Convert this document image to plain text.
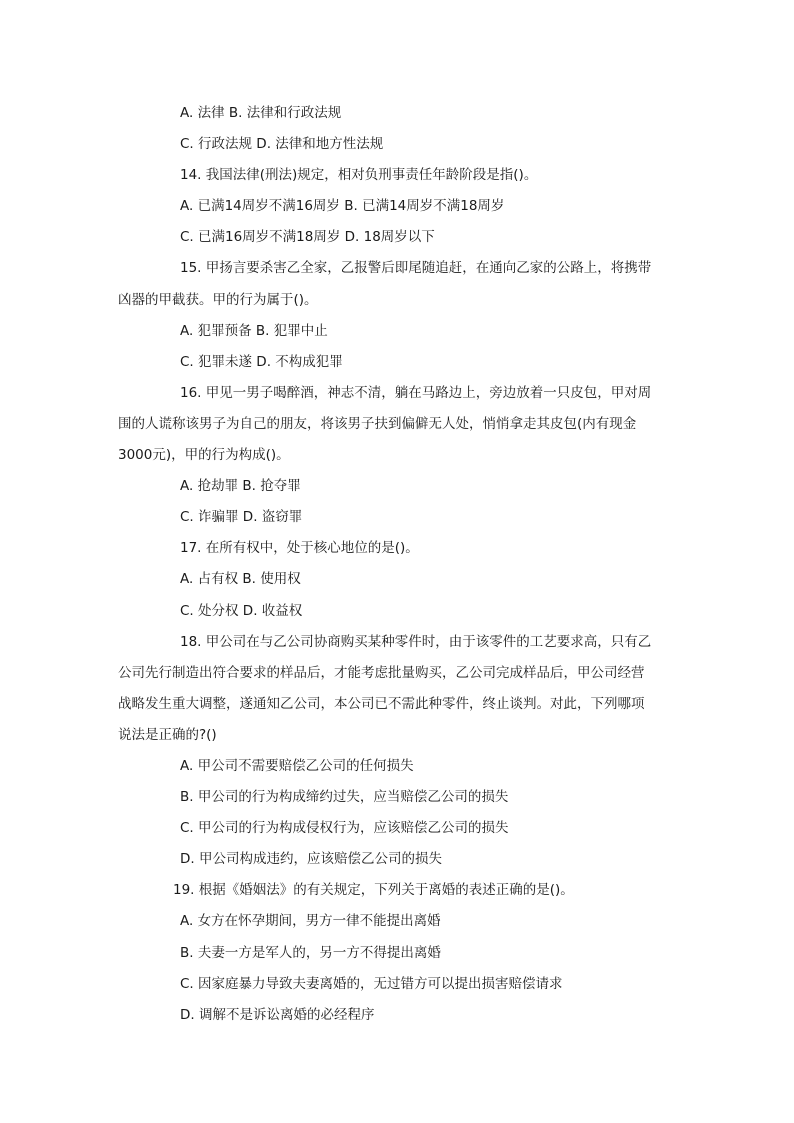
A. 法律 B. 法律和行政法规
C. 行政法规 D. 法律和地方性法规
14. 我国法律(刑法)规定，相对负刑事责任年龄阶段是指()。
A. 已满14周岁不满16周岁 B. 已满14周岁不满18周岁
C. 已满16周岁不满18周岁 D. 18周岁以下
15. 甲扬言要杀害乙全家，乙报警后即尾随追赶，在通向乙家的公路上，将携带
凶器的甲截获。甲的行为属于()。
A. 犯罪预备 B. 犯罪中止
C. 犯罪未遂 D. 不构成犯罪
16. 甲见一男子喝醉酒，神志不清，躺在马路边上，旁边放着一只皮包，甲对周
围的人谎称该男子为自己的朋友，将该男子扶到偏僻无人处，悄悄拿走其皮包(内有现金
3000元)，甲的行为构成()。
A. 抢劫罪 B. 抢夺罪
C. 诈骗罪 D. 盗窃罪
17. 在所有权中，处于核心地位的是()。
A. 占有权 B. 使用权
C. 处分权 D. 收益权
18. 甲公司在与乙公司协商购买某种零件时，由于该零件的工艺要求高，只有乙
公司先行制造出符合要求的样品后，才能考虑批量购买，乙公司完成样品后，甲公司经营
战略发生重大调整，遂通知乙公司，本公司已不需此种零件，终止谈判。对此，下列哪项
说法是正确的?()
A. 甲公司不需要赔偿乙公司的任何损失
B. 甲公司的行为构成缔约过失，应当赔偿乙公司的损失
C. 甲公司的行为构成侵权行为，应该赔偿乙公司的损失
D. 甲公司构成违约，应该赔偿乙公司的损失
19. 根据《婚姻法》的有关规定，下列关于离婚的表述正确的是()。
A. 女方在怀孕期间，男方一律不能提出离婚
B. 夫妻一方是军人的，另一方不得提出离婚
C. 因家庭暴力导致夫妻离婚的，无过错方可以提出损害赔偿请求
D. 调解不是诉讼离婚的必经程序
